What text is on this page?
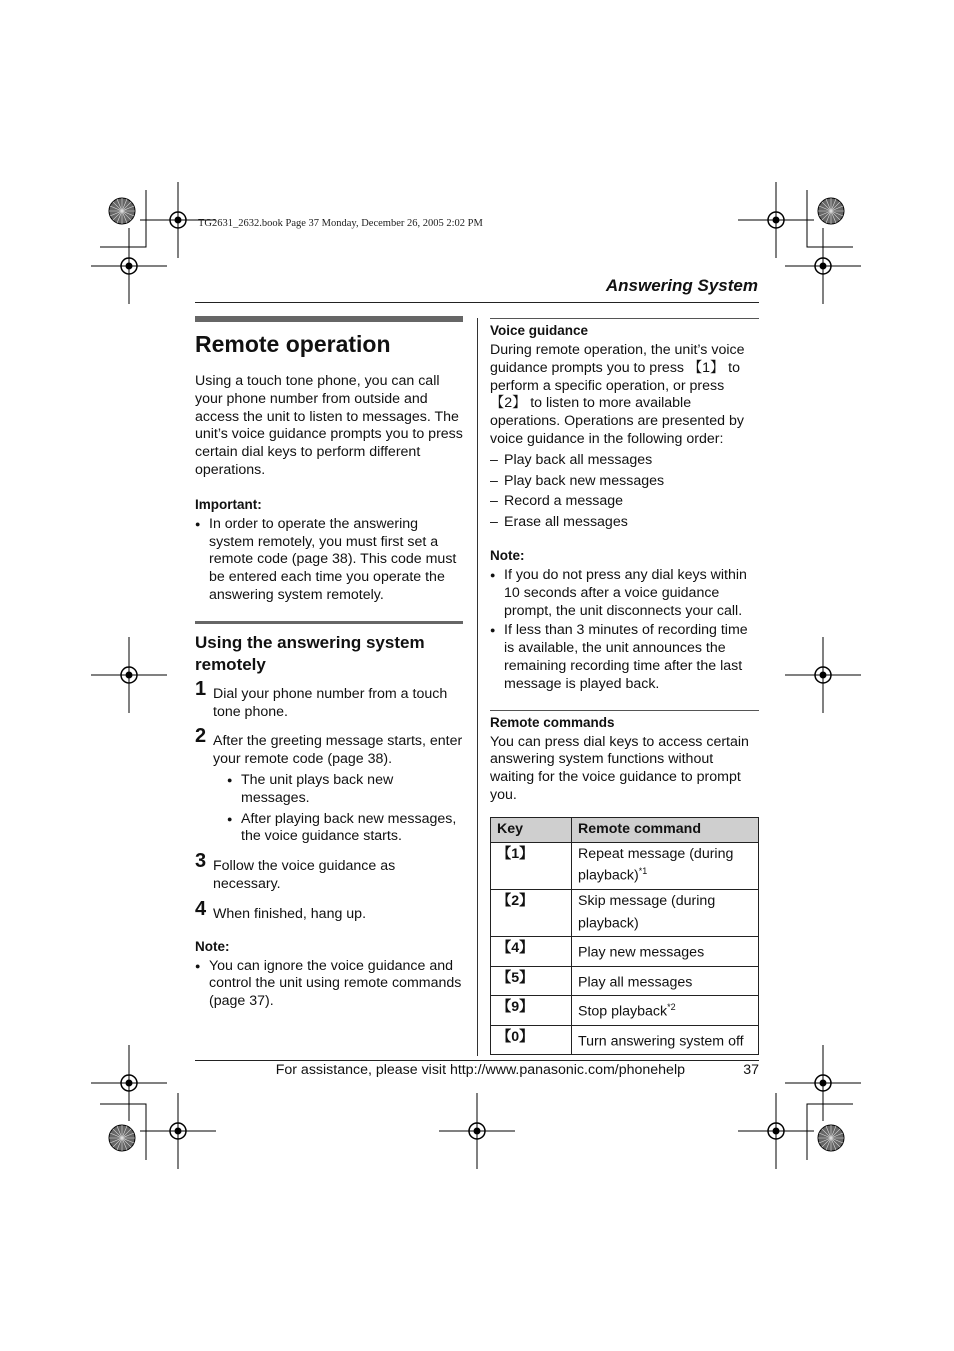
TG2631_2632.book Page 37 Monday, December 26, 2005 2:02 PM
Answering System
Remote operation

Using a touch tone phone, you can call your phone number from outside and access the unit to listen to messages. The unit’s voice guidance prompts you to press certain dial keys to perform different operations.

Important:

● In order to operate the answering system remotely, you must first set a remote code (page 38). This code must be entered each time you operate the answering system remotely.

Using the answering system remotely
1 Dial your phone number from a touch tone phone.

2 After the greeting message starts, enter your remote code (page 38).

● The unit plays back new messages.

● After playing back new messages, the voice guidance starts.

3 Follow the voice guidance as necessary.

4 When finished, hang up.

Note:

● You can ignore the voice guidance and control the unit using remote commands (page 37).

Voice guidance

During remote operation, the unit’s voice guidance prompts you to press 【1】 to perform a specific operation, or press 【2】 to listen to more available operations. Operations are presented by voice guidance in the following order:

– Play back all messages

– Play back new messages

– Record a message

– Erase all messages

Note:

● If you do not press any dial keys within 10 seconds after a voice guidance prompt, the unit disconnects your call.

● If less than 3 minutes of recording time is available, the unit announces the remaining recording time after the last message is played back.

Remote commands

You can press dial keys to access certain answering system functions without waiting for the voice guidance to prompt you.

Key	Remote command
【1】	Repeat message (during playback)$^{*1}$
【2】	Skip message (during playback)
【4】	Play new messages
【5】	Play all messages
【9】	Stop playback$^{*2}$
【0】	Turn answering system off
For assistance, please visit http://www.panasonic.com/phonehelp	37
